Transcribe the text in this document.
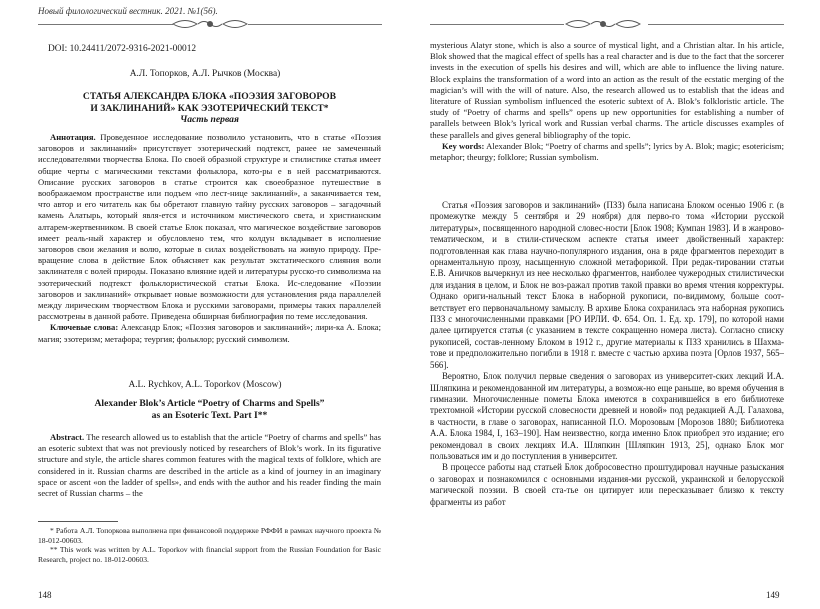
Новый филологический вестник. 2021. №1(56).
DOI: 10.24411/2072-9316-2021-00012
А.Л. Топорков, А.Л. Рычков (Москва)
СТАТЬЯ АЛЕКСАНДРА БЛОКА «ПОЭЗИЯ ЗАГОВОРОВ
И ЗАКЛИНАНИЙ» КАК ЭЗОТЕРИЧЕСКИЙ ТЕКСТ*
Часть первая

Аннотация. Проведенное исследование позволило установить, что в статье «Поэзия заговоров и заклинаний» присутствует эзотерический подтекст, ранее не замеченный исследователями творчества Блока. По своей образной структуре и стилистике статья имеет общие черты с магическими текстами фольклора, кото-ры е в ней рассматриваются. Описание русских заговоров в статье строится как своеобразное путешествие в воображаемом пространстве или подъем «по лест-нице заклинаний», а заканчивается тем, что автор и его читатель как бы обретают главную тайну русских заговоров – загадочный камень Алатырь, который явля-ется и источником мистического света, и христианским алтарем-жертвенником. В своей статье Блок показал, что магическое воздействие заговоров имеет реаль-ный характер и обусловлено тем, что колдун вкладывает в исполнение заговоров свои желания и волю, которые в силах воздействовать на живую природу. Пре-вращение слова в действие Блок объясняет как результат экстатического слияния воли заклинателя с волей природы. Показано влияние идей и литературы русско-го символизма на эзотерический подтекст фольклористической статьи Блока. Ис-следование «Поэзии заговоров и заклинаний» открывает новые возможности для установления ряда параллелей между лирическим творчеством Блока и русскими заговорами, примеры таких параллелей рассмотрены в данной работе. Приведена обширная библиография по теме исследования.

Ключевые слова: Александр Блок; «Поэзия заговоров и заклинаний»; лири-ка А. Блока; магия; эзотеризм; метафора; теургия; фольклор; русский символизм.

A.L. Rychkov, A.L. Toporkov (Moscow)
Alexander Blok’s Article “Poetry of Charms and Spells”
as an Esoteric Text. Part I**

Abstract. The research allowed us to establish that the article “Poetry of charms and spells” has an esoteric subtext that was not previously noticed by researchers of Blok’s work. In its figurative structure and style, the article shares common features with the magical texts of folklore, which are considered in it. Russian charms are described in the article as a kind of journey in an imaginary space or ascent «on the ladder of spells», and ends with the author and his reader finding the main secret of Russian charms – the

* Работа А.Л. Топоркова выполнена при финансовой поддержке РФФИ в рамках научного проекта № 18-012-00603.

** This work was written by A.L. Toporkov with financial support from the Russian Foundation for Basic Research, project no. 18-012-00603.

148

mysterious Alatyr stone, which is also a source of mystical light, and a Christian altar. In his article, Blok showed that the magical effect of spells has a real character and is due to the fact that the sorcerer invests in the execution of spells his desires and will, which are able to influence the living nature. Block explains the transformation of a word into an action as the result of the ecstatic merging of the magician’s will with the will of nature. Also, the research allowed us to establish that the ideas and literature of Russian symbolism influenced the esoteric subtext of A. Blok’s folkloristic article. The study of “Poetry of charms and spells” opens up new opportunities for establishing a number of parallels between Blok’s lyrical work and Russian verbal charms. The article discusses examples of these parallels and gives general bibliography of the topic.

Key words: Alexander Blok; “Poetry of charms and spells”; lyrics by A. Blok; magic; esotericism; metaphor; theurgy; folklore; Russian symbolism.

Статья «Поэзия заговоров и заклинаний» (ПЗЗ) была написана Блоком осенью 1906 г. (в промежутке между 5 сентября и 29 ноября) для перво-го тома «Истории русской литературы», посвященного народной словес-ности [Блок 1908; Кумпан 1983]. И в жанрово-тематическом, и в стили-стическом аспекте статья имеет двойственный характер: подготовленная как глава научно-популярного издания, она в ряде фрагментов переходит в орнаментальную прозу, насыщенную сложной метафорикой. При редак-тировании статьи Е.В. Аничков вычеркнул из нее несколько фрагментов, наиболее чужеродных стилистически для издания в целом, и Блок не воз-ражал против такой правки во время чтения корректуры. Однако ориги-нальный текст Блока в наборной рукописи, по-видимому, больше соот-ветствует его первоначальному замыслу. В архиве Блока сохранилась эта наборная рукопись ПЗЗ с многочисленными правками [РО ИРЛИ. Ф. 654. Оп. 1. Ед. хр. 179], по которой нами далее цитируется статья (с указанием в тексте сокращенно номера листа). Согласно списку рукописей, состав-ленному Блоком в 1912 г., другие материалы к ПЗЗ хранились в Шахма-тове и предположительно погибли в 1918 г. вместе с частью архива поэта [Орлов 1937, 565–566].

Вероятно, Блок получил первые сведения о заговорах из университет-ских лекций И.А. Шляпкина и рекомендованной им литературы, а возмож-но еще раньше, во время обучения в гимназии. Многочисленные пометы Блока имеются в сохранившейся в его библиотеке трехтомной «Истории русской словесности древней и новой» под редакцией А.Д. Галахова, в частности, в главе о заговорах, написанной П.О. Морозовым [Морозов 1880; Библиотека А.А. Блока 1984, I, 163–190]. Нам неизвестно, когда именно Блок приобрел это издание; его рекомендовал в своих лекциях И.А. Шляпкин [Шляпкин 1913, 25], однако Блок мог пользоваться им и до поступления в университет.

В процессе работы над статьей Блок добросовестно проштудировал научные разыскания о заговорах и познакомился с основными издания-ми русской, украинской и белорусской магической поэзии. В своей ста-тье он цитирует или пересказывает близко к тексту фрагменты из работ

149
